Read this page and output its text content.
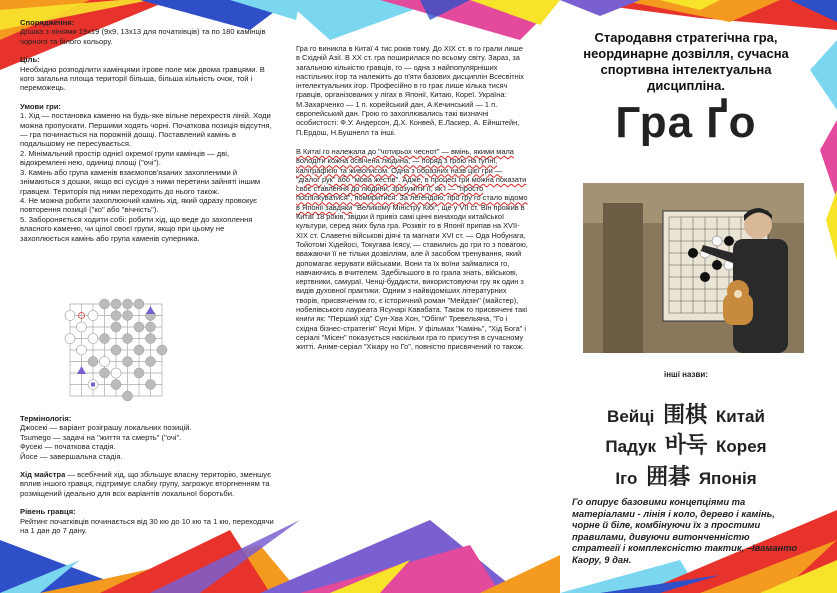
Спорядження:
Дошка з лініями 19х19 (9х9, 13х13 для початківців) та по 180 камінців чорного та білого кольору.

Ціль:
Необхідно розподілити камінцями ігрове поле між двома гравцями. В кого загальна площа території більша, більша кількість очок, той і переможець.

Умови гри:
1. Хід — постановка каменю на будь-яке вільне перехрестя ліній. Ходи можна пропускати. Першими ходять чорні. Початкова позиція відсутня, — гра починається на порожній дошці. Поставлений камінь в подальшому не пересувається.
2. Мінімальний простір однієї окремої групи камінців — дві, відокремлені нею, одиниці площі ("очі").
3. Камінь або група каменів взаємопов'язаних захопленими й знімаються з дошки, якщо всі сусідні з ними перетини зайняті іншим гравцем. Територія під ними переходить до нього також.
4. Не можна робити захоплюючий камінь хід, який одразу провокує повторення позиції ("ко" або "вічність").
5. Забороняється ходити собі: робити хід, що веде до захоплення власного каменю, чи цілої своєї групи, якщо при цьому не захоплюється камінь або група каменів суперника.

Термінологія:
Джосекі — варіант розіграшу локальних позицій.
Tsumego — задачі на "життя та смерть" ("очі".
Фусекі — початкова стадія.
Йосе — завершальна стадія.

Хід майстра — всебічний хід, що збільшує власну територію, зменшує вплив іншого гравця, підтримує слабку групу, загрожує вторгненням та розміщений ідеально для всіх варіантів локальної боротьби.

Рівень гравця:
Рейтинг початківців починається від 30 кю до 10 кю та 1 кю, переходячи на 1 дан до 7 дану.

Гра го виникла в Китаї 4 тис років тому. До XIX ст. в го грали лише в Східній Азії. В XX ст. гра поширилася по всьому світу. Зараз, за загальною кількістю гравців, го — одна з найпопулярніших настільних ігор та належить до п'яти базових дисциплін Всесвітніх інтелектуальних ігор. Професійно в го грає лише кілька тисяч гравців, організованих у лігах в Японії, Китаю, Кореї. Україна: М.Захарченко — 1 п. корейський дан, А.Кечинський — 1 п. європейський дан. Грою го захоплювались такі визначні особистості: Ф.У. Андерсон, Д.Х. Конвей, Е.Ласкер, А. Ейнштейн, П.Ердош, Н.Бушнелл та інші.

В Китаї го належала до "чотирьох чеснот" — вмінь, якими мала володіти кожна освічена людина, — поряд з грою на гуґіні, каліграфією та живописом. Одна з образних назв цієї гри — "діалог рук" або "мова жестів". Адже, в процесі гри можна показати своє ставлення до людини, зрозуміти її, як і — "просто поспілкуватися", помиритися. За легендою, про гру го стало відомо в Японії завдяки "Великому Міністру Кібі", ще у VII ст. Він прожив в Китаї 18 років, звідки й привіз самі цінні винаходи китайської культури, серед яких була гра. Розквіт го в Японії припав на XVII-XIX ст. Славетні військові діячі та магнати XVI ст. — Ода Нобунага, Тойотомі Хідейосі, Токугава Ієясу, — ставились до гри го з повагою, вважаючи її не тільки дозвіллям, але й засобом тренування, який допомагає керувати військами. Вони та їх воїни займалися го, навчаючись в вчителем. Здебільшого в го грала знать, військові, кертвники, самураї. Ченці-буддисти, використовуючи гру як один з видів духовної практики. Одним з найвідоміших літературних творів, присвяченим го, є історичний роман "Мейдзін" (майстер), нобелівського лауреата Ясунарі Кавабата. Також го присвячені такі книги як: "Перший хід" Сун-Хва Хон, "Обігм" Тревельяна, "Го і східна бізнес-стратегія" Ясукі Мірн. У фільмах "Камінь", "Хід Бога" і серіалі "Місен" показується наскільки гра го присутня в сучасному житті. Аніме-серіал "Хікару но Го", повністю присвячений го також.

Стародавня стратегічна гра, неординарне дозвілля, сучасна спортивна інтелектуальна дисципліна.

Гра Ґо
інші назви:
Вейці 围棋 Китай
Падук 바둑 Корея
Іго 囲碁 Японія
Го опирує базовими концепціями та матеріалами - лінія і коло, дерево і камінь, чорне й біле, комбінуючи їх з простими правилами, дивуючи витонченністю стратегії і комплексністю тактик, –Іваманто Каору, 9 дан.
